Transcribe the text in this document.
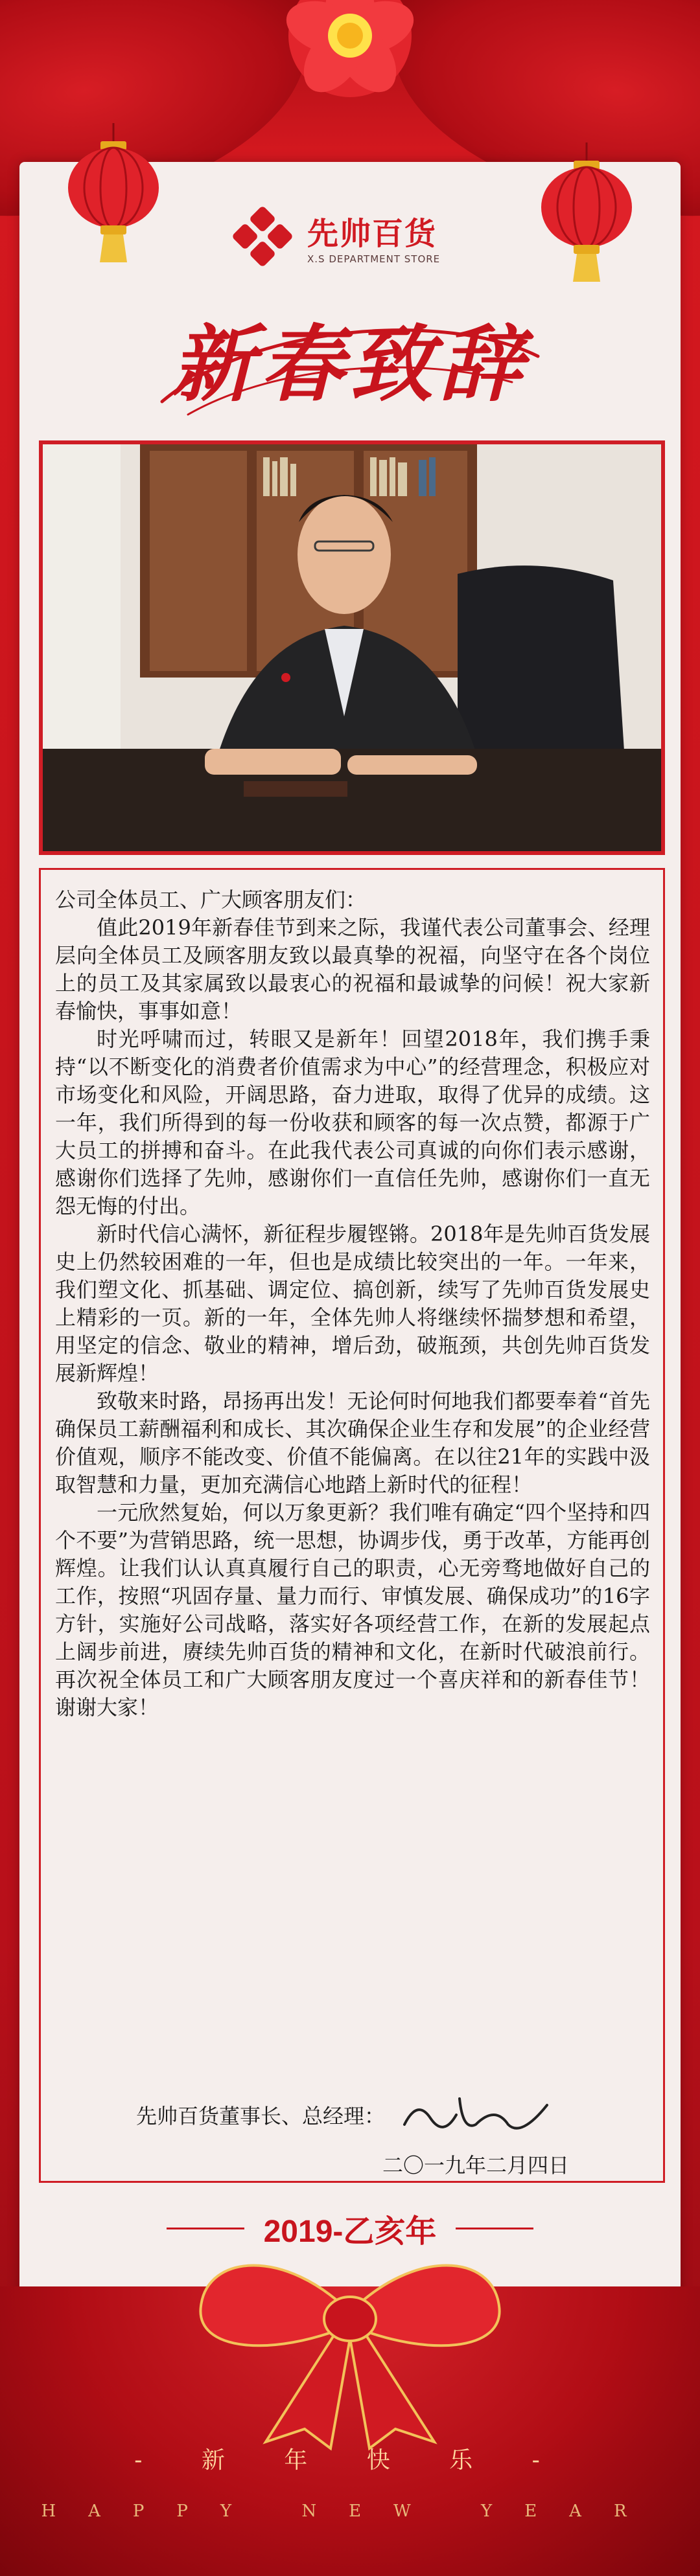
先帅百货
X.S DEPARTMENT STORE
新春致辞

公司全体员工、广大顾客朋友们：

值此2019年新春佳节到来之际，我谨代表公司董事会、经理层向全体员工及顾客朋友致以最真挚的祝福，向坚守在各个岗位上的员工及其家属致以最衷心的祝福和最诚挚的问候！祝大家新春愉快，事事如意！

时光呼啸而过，转眼又是新年！回望2018年，我们携手秉持“以不断变化的消费者价值需求为中心”的经营理念，积极应对市场变化和风险，开阔思路，奋力进取，取得了优异的成绩。这一年，我们所得到的每一份收获和顾客的每一次点赞，都源于广大员工的拼搏和奋斗。在此我代表公司真诚的向你们表示感谢，感谢你们选择了先帅，感谢你们一直信任先帅，感谢你们一直无怨无悔的付出。

新时代信心满怀，新征程步履铿锵。2018年是先帅百货发展史上仍然较困难的一年，但也是成绩比较突出的一年。一年来，我们塑文化、抓基础、调定位、搞创新，续写了先帅百货发展史上精彩的一页。新的一年，全体先帅人将继续怀揣梦想和希望，用坚定的信念、敬业的精神，增后劲，破瓶颈，共创先帅百货发展新辉煌！

致敬来时路，昂扬再出发！无论何时何地我们都要奉着“首先确保员工薪酬福利和成长、其次确保企业生存和发展”的企业经营价值观，顺序不能改变、价值不能偏离。在以往21年的实践中汲取智慧和力量，更加充满信心地踏上新时代的征程！

一元欣然复始，何以万象更新？我们唯有确定“四个坚持和四个不要”为营销思路，统一思想，协调步伐，勇于改革，方能再创辉煌。让我们认认真真履行自己的职责，心无旁骛地做好自己的工作，按照“巩固存量、量力而行、审慎发展、确保成功”的16字方针，实施好公司战略，落实好各项经营工作，在新的发展起点上阔步前进，赓续先帅百货的精神和文化，在新时代破浪前行。再次祝全体员工和广大顾客朋友度过一个喜庆祥和的新春佳节！谢谢大家！

先帅百货董事长、总经理：
二〇一九年二月四日
2019-乙亥年
- 新 年 快 乐 -
HAPPY NEW YEAR
